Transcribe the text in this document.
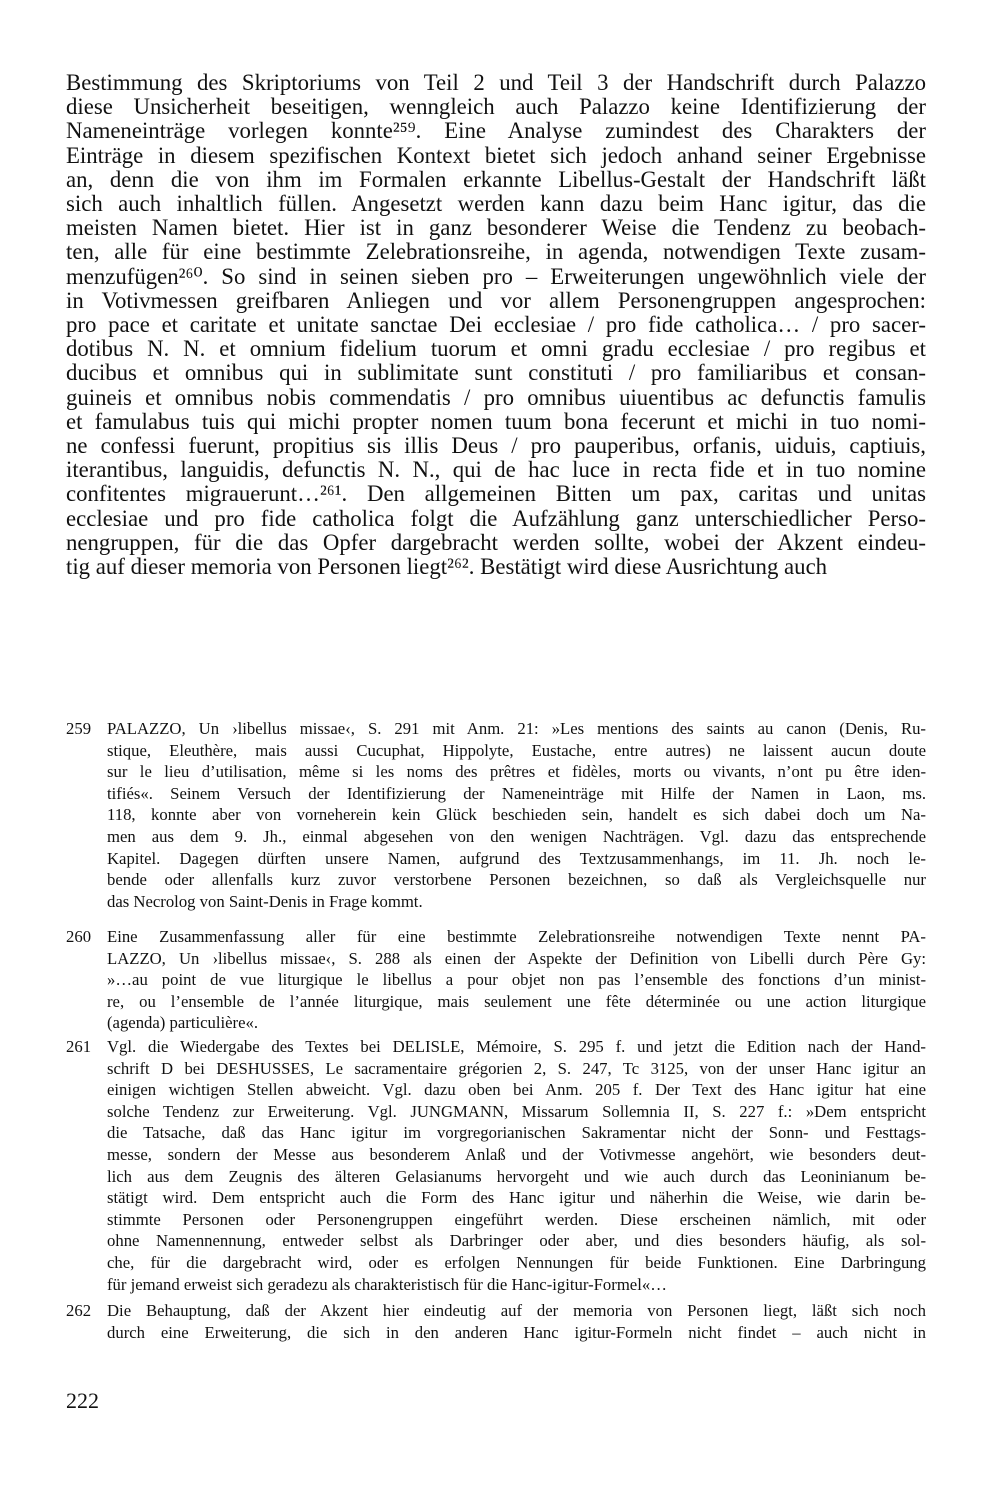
Bestimmung des Skriptoriums von Teil 2 und Teil 3 der Handschrift durch Palazzo
diese Unsicherheit beseitigen, wenngleich auch Palazzo keine Identifizierung der
Nameneinträge vorlegen konnte²⁵⁹. Eine Analyse zumindest des Charakters der
Einträge in diesem spezifischen Kontext bietet sich jedoch anhand seiner Ergebnisse
an, denn die von ihm im Formalen erkannte Libellus-Gestalt der Handschrift läßt
sich auch inhaltlich füllen. Angesetzt werden kann dazu beim Hanc igitur, das die
meisten Namen bietet. Hier ist in ganz besonderer Weise die Tendenz zu beobach-
ten, alle für eine bestimmte Zelebrationsreihe, in agenda, notwendigen Texte zusam-
menzufügen²⁶⁰. So sind in seinen sieben pro – Erweiterungen ungewöhnlich viele der
in Votivmessen greifbaren Anliegen und vor allem Personengruppen angesprochen:
pro pace et caritate et unitate sanctae Dei ecclesiae / pro fide catholica… / pro sacer-
dotibus N. N. et omnium fidelium tuorum et omni gradu ecclesiae / pro regibus et
ducibus et omnibus qui in sublimitate sunt constituti / pro familiaribus et consan-
guineis et omnibus nobis commendatis / pro omnibus uiuentibus ac defunctis famulis
et famulabus tuis qui michi propter nomen tuum bona fecerunt et michi in tuo nomi-
ne confessi fuerunt, propitius sis illis Deus / pro pauperibus, orfanis, uiduis, captiuis,
iterantibus, languidis, defunctis N. N., qui de hac luce in recta fide et in tuo nomine
confitentes migrauerunt…²⁶¹. Den allgemeinen Bitten um pax, caritas und unitas
ecclesiae und pro fide catholica folgt die Aufzählung ganz unterschiedlicher Perso-
nengruppen, für die das Opfer dargebracht werden sollte, wobei der Akzent eindeu-
tig auf dieser memoria von Personen liegt²⁶². Bestätigt wird diese Ausrichtung auch
259 PALAZZO, Un ›libellus missae‹, S. 291 mit Anm. 21: »Les mentions des saints au canon (Denis, Ru-
stique, Eleuthère, mais aussi Cucuphat, Hippolyte, Eustache, entre autres) ne laissent aucun doute
sur le lieu d’utilisation, même si les noms des prêtres et fidèles, morts ou vivants, n’ont pu être iden-
tifiés«. Seinem Versuch der Identifizierung der Nameneinträge mit Hilfe der Namen in Laon, ms.
118, konnte aber von vorneherein kein Glück beschieden sein, handelt es sich dabei doch um Na-
men aus dem 9. Jh., einmal abgesehen von den wenigen Nachträgen. Vgl. dazu das entsprechende
Kapitel. Dagegen dürften unsere Namen, aufgrund des Textzusammenhangs, im 11. Jh. noch le-
bende oder allenfalls kurz zuvor verstorbene Personen bezeichnen, so daß als Vergleichsquelle nur
das Necrolog von Saint-Denis in Frage kommt.
260 Eine Zusammenfassung aller für eine bestimmte Zelebrationsreihe notwendigen Texte nennt PA-
LAZZO, Un ›libellus missae‹, S. 288 als einen der Aspekte der Definition von Libelli durch Père Gy:
»…au point de vue liturgique le libellus a pour objet non pas l’ensemble des fonctions d’un minist-
re, ou l’ensemble de l’année liturgique, mais seulement une fête déterminée ou une action liturgique
(agenda) particulière«.
261 Vgl. die Wiedergabe des Textes bei DELISLE, Mémoire, S. 295 f. und jetzt die Edition nach der Hand-
schrift D bei DESHUSSES, Le sacramentaire grégorien 2, S. 247, Tc 3125, von der unser Hanc igitur an
einigen wichtigen Stellen abweicht. Vgl. dazu oben bei Anm. 205 f. Der Text des Hanc igitur hat eine
solche Tendenz zur Erweiterung. Vgl. JUNGMANN, Missarum Sollemnia II, S. 227 f.: »Dem entspricht
die Tatsache, daß das Hanc igitur im vorgregorianischen Sakramentar nicht der Sonn- und Festtags-
messe, sondern der Messe aus besonderem Anlaß und der Votivmesse angehört, wie besonders deut-
lich aus dem Zeugnis des älteren Gelasianums hervorgeht und wie auch durch das Leoninianum be-
stätigt wird. Dem entspricht auch die Form des Hanc igitur und näherhin die Weise, wie darin be-
stimmte Personen oder Personengruppen eingeführt werden. Diese erscheinen nämlich, mit oder
ohne Namennennung, entweder selbst als Darbringer oder aber, und dies besonders häufig, als sol-
che, für die dargebracht wird, oder es erfolgen Nennungen für beide Funktionen. Eine Darbringung
für jemand erweist sich geradezu als charakteristisch für die Hanc-igitur-Formel«…
262 Die Behauptung, daß der Akzent hier eindeutig auf der memoria von Personen liegt, läßt sich noch
durch eine Erweiterung, die sich in den anderen Hanc igitur-Formeln nicht findet – auch nicht in
222
